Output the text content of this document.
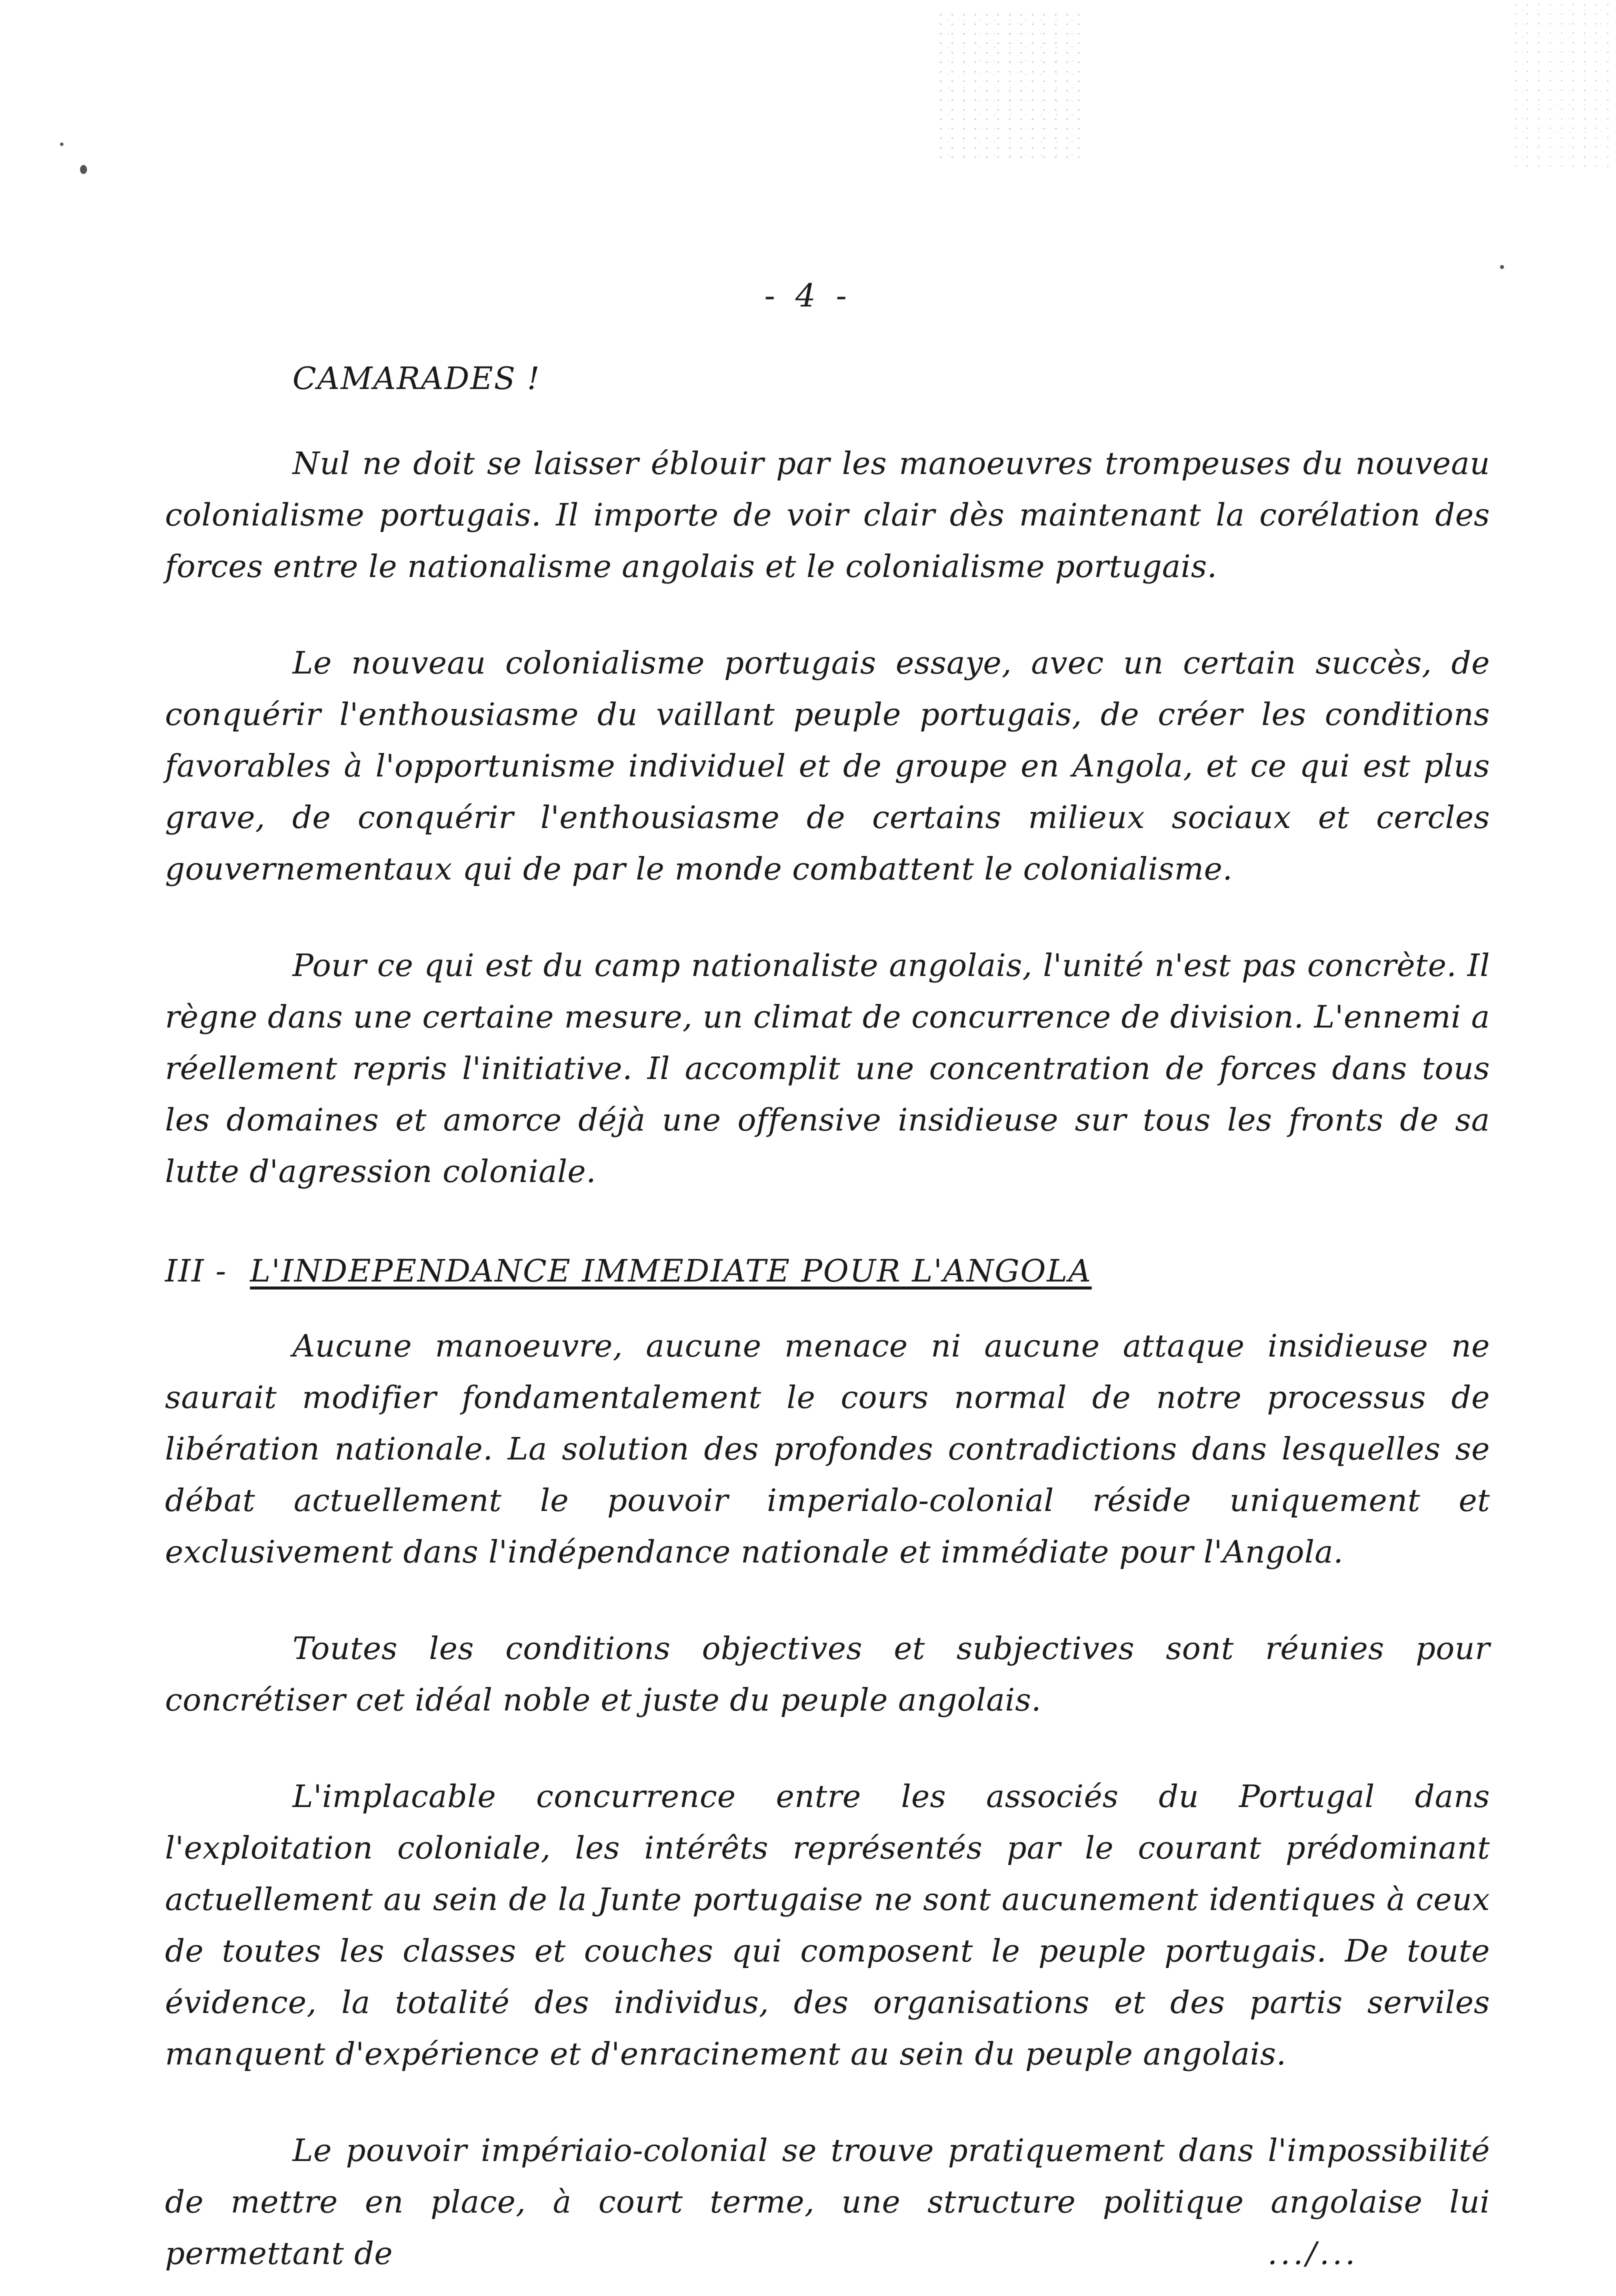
- 4 -
CAMARADES !

Nul ne doit se laisser éblouir par les manoeuvres trompeuses du nouveau colonialisme portugais. Il importe de voir clair dès maintenant la corélation des forces entre le nationalisme angolais et le colonialisme portugais.

Le nouveau colonialisme portugais essaye, avec un certain succès, de conquérir l'enthousiasme du vaillant peuple portugais, de créer les conditions favorables à l'opportunisme individuel et de groupe en Angola, et ce qui est plus grave, de conquérir l'enthousiasme de certains milieux sociaux et cercles gouvernementaux qui de par le monde combattent le colonialisme.

Pour ce qui est du camp nationaliste angolais, l'unité n'est pas concrète. Il règne dans une certaine mesure, un climat de concurrence de division. L'ennemi a réellement repris l'initiative. Il accomplit une concentration de forces dans tous les domaines et amorce déjà une offensive insidieuse sur tous les fronts de sa lutte d'agression coloniale.

III - L'INDEPENDANCE IMMEDIATE POUR L'ANGOLA

Aucune manoeuvre, aucune menace ni aucune attaque insidieuse ne saurait modifier fondamentalement le cours normal de notre processus de libération nationale. La solution des profondes contradictions dans lesquelles se débat actuellement le pouvoir imperialo-colonial réside uniquement et exclusivement dans l'indépendance nationale et immédiate pour l'Angola.

Toutes les conditions objectives et subjectives sont réunies pour concrétiser cet idéal noble et juste du peuple angolais.

L'implacable concurrence entre les associés du Portugal dans l'exploitation coloniale, les intérêts représentés par le courant prédominant actuellement au sein de la Junte portugaise ne sont aucunement identiques à ceux de toutes les classes et couches qui composent le peuple portugais. De toute évidence, la totalité des individus, des organisations et des partis serviles manquent d'expérience et d'enracinement au sein du peuple angolais.

Le pouvoir impériaio-colonial se trouve pratiquement dans l'impossibilité de mettre en place, à court terme, une structure politique angolaise lui permettant de	.../...
